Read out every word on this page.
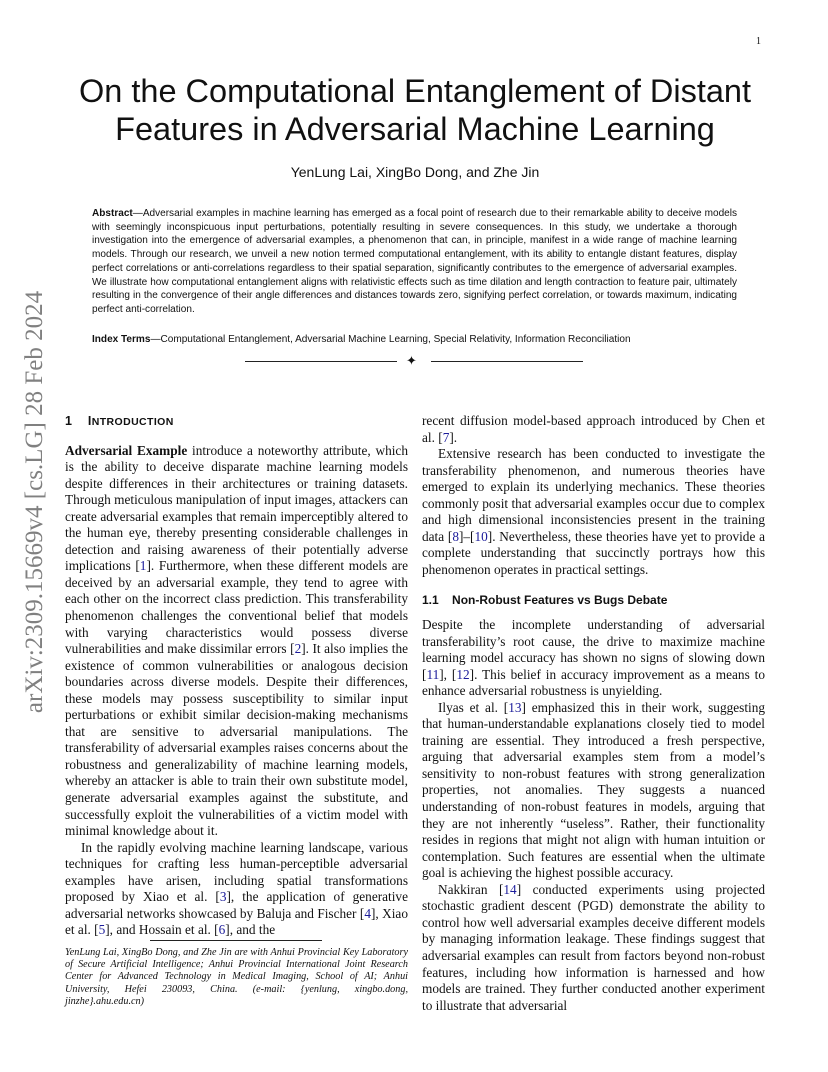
1
arXiv:2309.15669v4 [cs.LG] 28 Feb 2024
On the Computational Entanglement of Distant Features in Adversarial Machine Learning
YenLung Lai, XingBo Dong, and Zhe Jin
Abstract—Adversarial examples in machine learning has emerged as a focal point of research due to their remarkable ability to deceive models with seemingly inconspicuous input perturbations, potentially resulting in severe consequences. In this study, we undertake a thorough investigation into the emergence of adversarial examples, a phenomenon that can, in principle, manifest in a wide range of machine learning models. Through our research, we unveil a new notion termed computational entanglement, with its ability to entangle distant features, display perfect correlations or anti-correlations regardless to their spatial separation, significantly contributes to the emergence of adversarial examples. We illustrate how computational entanglement aligns with relativistic effects such as time dilation and length contraction to feature pair, ultimately resulting in the convergence of their angle differences and distances towards zero, signifying perfect correlation, or towards maximum, indicating perfect anti-correlation.
Index Terms—Computational Entanglement, Adversarial Machine Learning, Special Relativity, Information Reconciliation
✦
1 INTRODUCTION

Adversarial Example introduce a noteworthy attribute, which is the ability to deceive disparate machine learning models despite differences in their architectures or training datasets. Through meticulous manipulation of input images, attackers can create adversarial examples that remain imperceptibly altered to the human eye, thereby presenting considerable challenges in detection and raising awareness of their potentially adverse implications [1]. Furthermore, when these different models are deceived by an adversarial example, they tend to agree with each other on the incorrect class prediction. This transferability phenomenon challenges the conventional belief that models with varying characteristics would possess diverse vulnerabilities and make dissimilar errors [2]. It also implies the existence of common vulnerabilities or analogous decision boundaries across diverse models. Despite their differences, these models may possess susceptibility to similar input perturbations or exhibit similar decision-making mechanisms that are sensitive to adversarial manipulations. The transferability of adversarial examples raises concerns about the robustness and generalizability of machine learning models, whereby an attacker is able to train their own substitute model, generate adversarial examples against the substitute, and successfully exploit the vulnerabilities of a victim model with minimal knowledge about it.

In the rapidly evolving machine learning landscape, various techniques for crafting less human-perceptible adversarial examples have arisen, including spatial transformations proposed by Xiao et al. [3], the application of generative adversarial networks showcased by Baluja and Fischer [4], Xiao et al. [5], and Hossain et al. [6], and the

recent diffusion model-based approach introduced by Chen et al. [7].

Extensive research has been conducted to investigate the transferability phenomenon, and numerous theories have emerged to explain its underlying mechanics. These theories commonly posit that adversarial examples occur due to complex and high dimensional inconsistencies present in the training data [8]–[10]. Nevertheless, these theories have yet to provide a complete understanding that succinctly portrays how this phenomenon operates in practical settings.

1.1 Non-Robust Features vs Bugs Debate

Despite the incomplete understanding of adversarial transferability’s root cause, the drive to maximize machine learning model accuracy has shown no signs of slowing down [11], [12]. This belief in accuracy improvement as a means to enhance adversarial robustness is unyielding.

Ilyas et al. [13] emphasized this in their work, suggesting that human-understandable explanations closely tied to model training are essential. They introduced a fresh perspective, arguing that adversarial examples stem from a model’s sensitivity to non-robust features with strong generalization properties, not anomalies. They suggests a nuanced understanding of non-robust features in models, arguing that they are not inherently “useless”. Rather, their functionality resides in regions that might not align with human intuition or contemplation. Such features are essential when the ultimate goal is achieving the highest possible accuracy.

Nakkiran [14] conducted experiments using projected stochastic gradient descent (PGD) demonstrate the ability to control how well adversarial examples deceive different models by managing information leakage. These findings suggest that adversarial examples can result from factors beyond non-robust features, including how information is harnessed and how models are trained. They further conducted another experiment to illustrate that adversarial

YenLung Lai, XingBo Dong, and Zhe Jin are with Anhui Provincial Key Laboratory of Secure Artificial Intelligence; Anhui Provincial International Joint Research Center for Advanced Technology in Medical Imaging, School of AI; Anhui University, Hefei 230093, China. (e-mail: {yenlung, xingbo.dong, jinzhe}.ahu.edu.cn)
